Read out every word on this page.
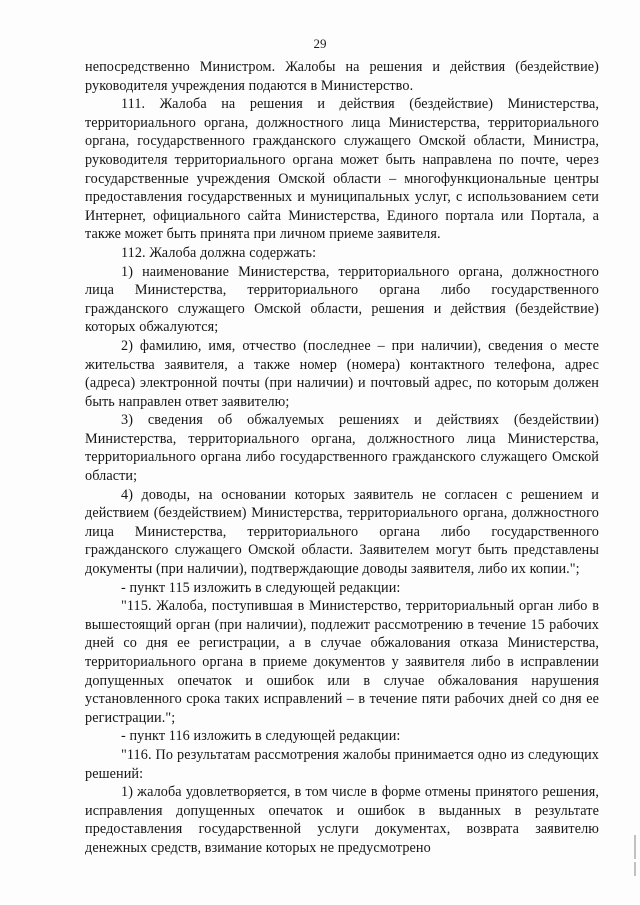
29

непосредственно Министром. Жалобы на решения и действия (бездействие) руководителя учреждения подаются в Министерство.

111. Жалоба на решения и действия (бездействие) Министерства, территориального органа, должностного лица Министерства, территориального органа, государственного гражданского служащего Омской области, Министра, руководителя территориального органа может быть направлена по почте, через государственные учреждения Омской области – многофункциональные центры предоставления государственных и муниципальных услуг, с использованием сети Интернет, официального сайта Министерства, Единого портала или Портала, а также может быть принята при личном приеме заявителя.

112. Жалоба должна содержать:

1) наименование Министерства, территориального органа, должностного лица Министерства, территориального органа либо государственного гражданского служащего Омской области, решения и действия (бездействие) которых обжалуются;

2) фамилию, имя, отчество (последнее – при наличии), сведения о месте жительства заявителя, а также номер (номера) контактного телефона, адрес (адреса) электронной почты (при наличии) и почтовый адрес, по которым должен быть направлен ответ заявителю;

3) сведения об обжалуемых решениях и действиях (бездействии) Министерства, территориального органа, должностного лица Министерства, территориального органа либо государственного гражданского служащего Омской области;

4) доводы, на основании которых заявитель не согласен с решением и действием (бездействием) Министерства, территориального органа, должностного лица Министерства, территориального органа либо государственного гражданского служащего Омской области. Заявителем могут быть представлены документы (при наличии), подтверждающие доводы заявителя, либо их копии.";

- пункт 115 изложить в следующей редакции:

"115. Жалоба, поступившая в Министерство, территориальный орган либо в вышестоящий орган (при наличии), подлежит рассмотрению в течение 15 рабочих дней со дня ее регистрации, а в случае обжалования отказа Министерства, территориального органа в приеме документов у заявителя либо в исправлении допущенных опечаток и ошибок или в случае обжалования нарушения установленного срока таких исправлений – в течение пяти рабочих дней со дня ее регистрации.";

- пункт 116 изложить в следующей редакции:

"116. По результатам рассмотрения жалобы принимается одно из следующих решений:

1) жалоба удовлетворяется, в том числе в форме отмены принятого решения, исправления допущенных опечаток и ошибок в выданных в результате предоставления государственной услуги документах, возврата заявителю денежных средств, взимание которых не предусмотрено
